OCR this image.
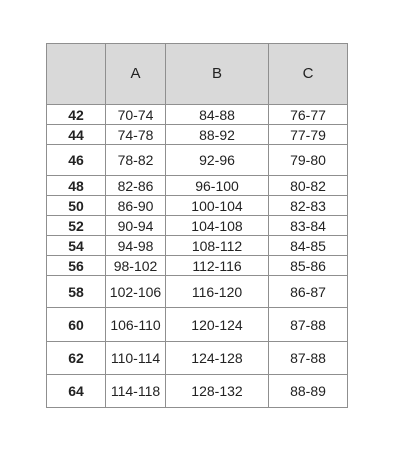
	A	B	C
42	70-74	84-88	76-77
44	74-78	88-92	77-79
46	78-82	92-96	79-80
48	82-86	96-100	80-82
50	86-90	100-104	82-83
52	90-94	104-108	83-84
54	94-98	108-112	84-85
56	98-102	112-116	85-86
58	102-106	116-120	86-87
60	106-110	120-124	87-88
62	110-114	124-128	87-88
64	114-118	128-132	88-89
